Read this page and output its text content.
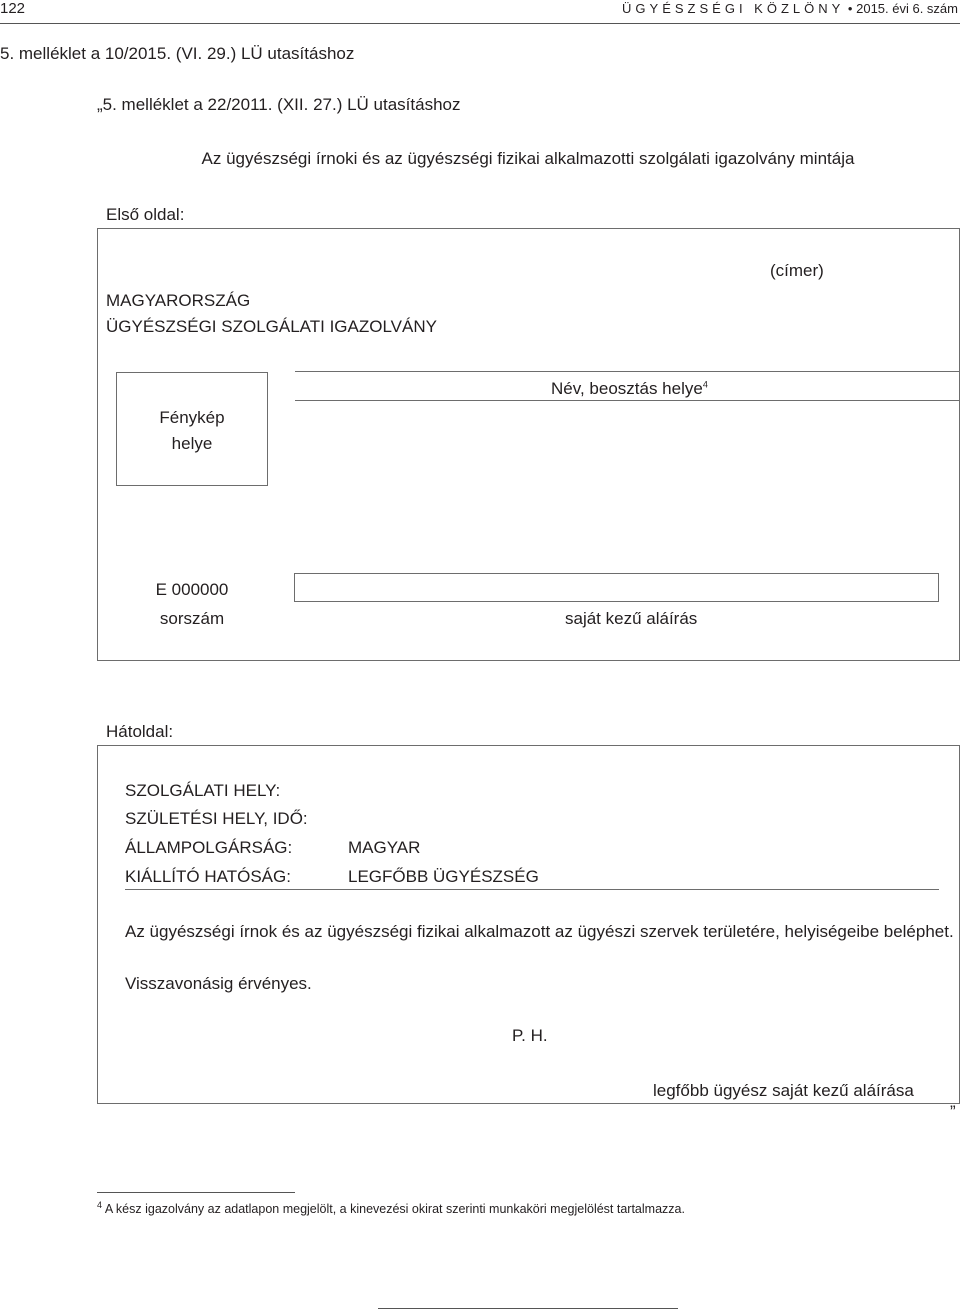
122	ÜGYÉSZSÉGI KÖZLÖNY • 2015. évi 6. szám
5. melléklet a 10/2015. (VI. 29.) LÜ utasításhoz
„5. melléklet a 22/2011. (XII. 27.) LÜ utasításhoz
Az ügyészségi írnoki és az ügyészségi fizikai alkalmazotti szolgálati igazolvány mintája
Első oldal:
(címer)
MAGYARORSZÁG
ÜGYÉSZSÉGI SZOLGÁLATI IGAZOLVÁNY
Fénykép
helye
Név, beosztás helye$^4$
E 000000
sorszám	saját kezű aláírás
Hátoldal:
SZOLGÁLATI HELY:
SZÜLETÉSI HELY, IDŐ:
ÁLLAMPOLGÁRSÁG:	MAGYAR
KIÁLLÍTÓ HATÓSÁG:	LEGFŐBB ÜGYÉSZSÉG
Az ügyészségi írnok és az ügyészségi fizikai alkalmazott az ügyészi szervek területére, helyiségeibe beléphet.
Visszavonásig érvényes.
P. H.
legfőbb ügyész saját kezű aláírása
”
$^4$ A kész igazolvány az adatlapon megjelölt, a kinevezési okirat szerinti munkaköri megjelölést tartalmazza.
